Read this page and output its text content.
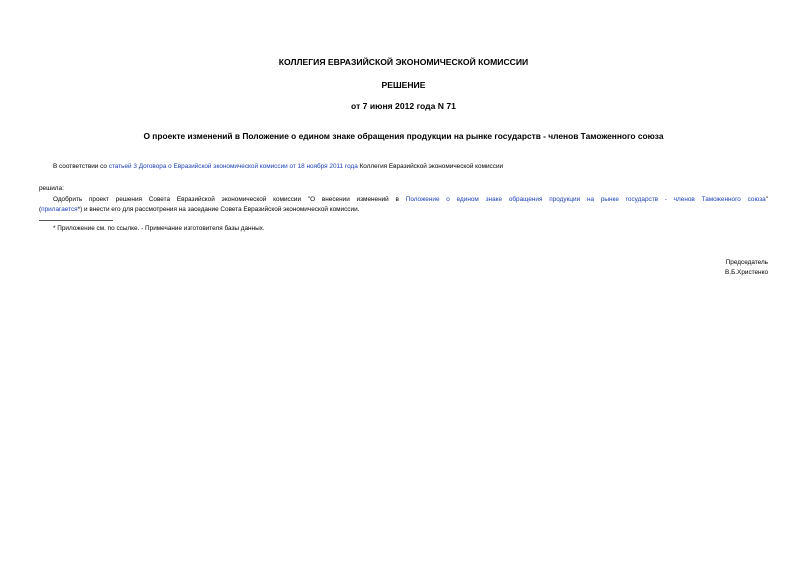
КОЛЛЕГИЯ ЕВРАЗИЙСКОЙ ЭКОНОМИЧЕСКОЙ КОМИССИИ
РЕШЕНИЕ
от 7 июня 2012 года N 71
О проекте изменений в Положение о едином знаке обращения продукции на рынке государств - членов Таможенного союза
В соответствии со статьей 3 Договора о Евразийской экономической комиссии от 18 ноября 2011 года Коллегия Евразийской экономической комиссии
решила:
Одобрить проект решения Совета Евразийской экономической комиссии "О внесении изменений в Положение о едином знаке обращения продукции на рынке государств - членов Таможенного союза"
(прилагается*) и внести его для рассмотрения на заседание Совета Евразийской экономической комиссии.
* Приложение см. по ссылке. - Примечание изготовителя базы данных.
Председатель
В.Б.Христенко
